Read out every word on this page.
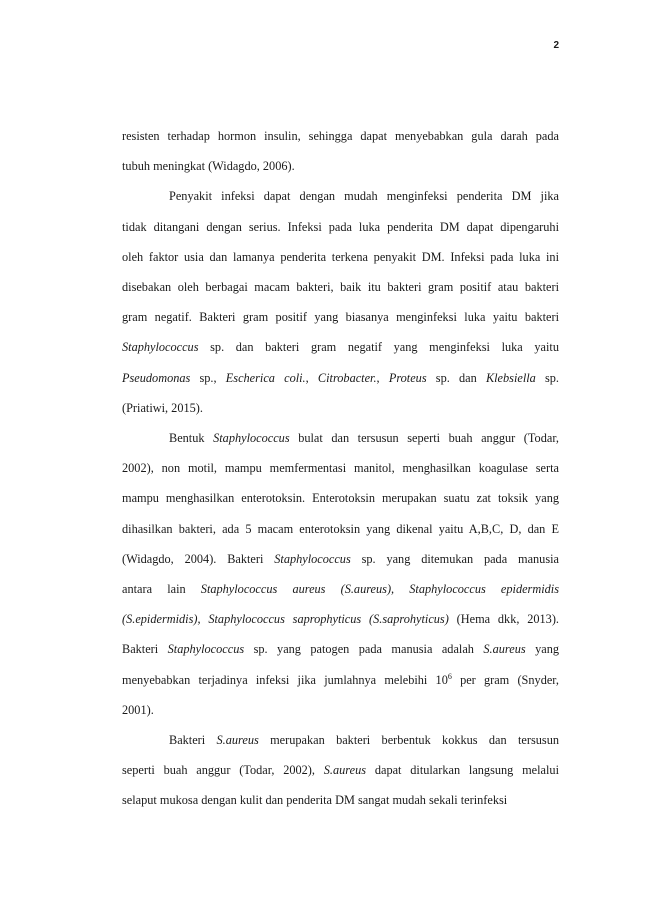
2
resisten terhadap hormon insulin, sehingga dapat menyebabkan gula darah pada
tubuh meningkat (Widagdo, 2006).
Penyakit infeksi dapat dengan mudah menginfeksi penderita DM jika
tidak ditangani dengan serius. Infeksi pada luka penderita DM dapat dipengaruhi
oleh faktor usia dan lamanya penderita terkena penyakit DM. Infeksi pada luka ini
disebakan oleh berbagai macam bakteri, baik itu bakteri gram positif atau bakteri
gram negatif. Bakteri gram positif yang biasanya menginfeksi luka yaitu bakteri
Staphylococcus sp. dan bakteri gram negatif yang menginfeksi luka yaitu
Pseudomonas sp., Escherica coli., Citrobacter., Proteus sp. dan Klebsiella sp.
(Priatiwi, 2015).
Bentuk Staphylococcus bulat dan tersusun seperti buah anggur (Todar,
2002), non motil, mampu memfermentasi manitol, menghasilkan koagulase serta
mampu menghasilkan enterotoksin. Enterotoksin merupakan suatu zat toksik yang
dihasilkan bakteri, ada 5 macam enterotoksin yang dikenal yaitu A,B,C, D, dan E
(Widagdo, 2004). Bakteri Staphylococcus sp. yang ditemukan pada manusia
antara lain Staphylococcus aureus (S.aureus), Staphylococcus epidermidis
(S.epidermidis), Staphylococcus saprophyticus (S.saprohyticus) (Hema dkk, 2013).
Bakteri Staphylococcus sp. yang patogen pada manusia adalah S.aureus yang
menyebabkan terjadinya infeksi jika jumlahnya melebihi $10^6$ per gram (Snyder,
2001).
Bakteri S.aureus merupakan bakteri berbentuk kokkus dan tersusun
seperti buah anggur (Todar, 2002), S.aureus dapat ditularkan langsung melalui
selaput mukosa dengan kulit dan penderita DM sangat mudah sekali terinfeksi
